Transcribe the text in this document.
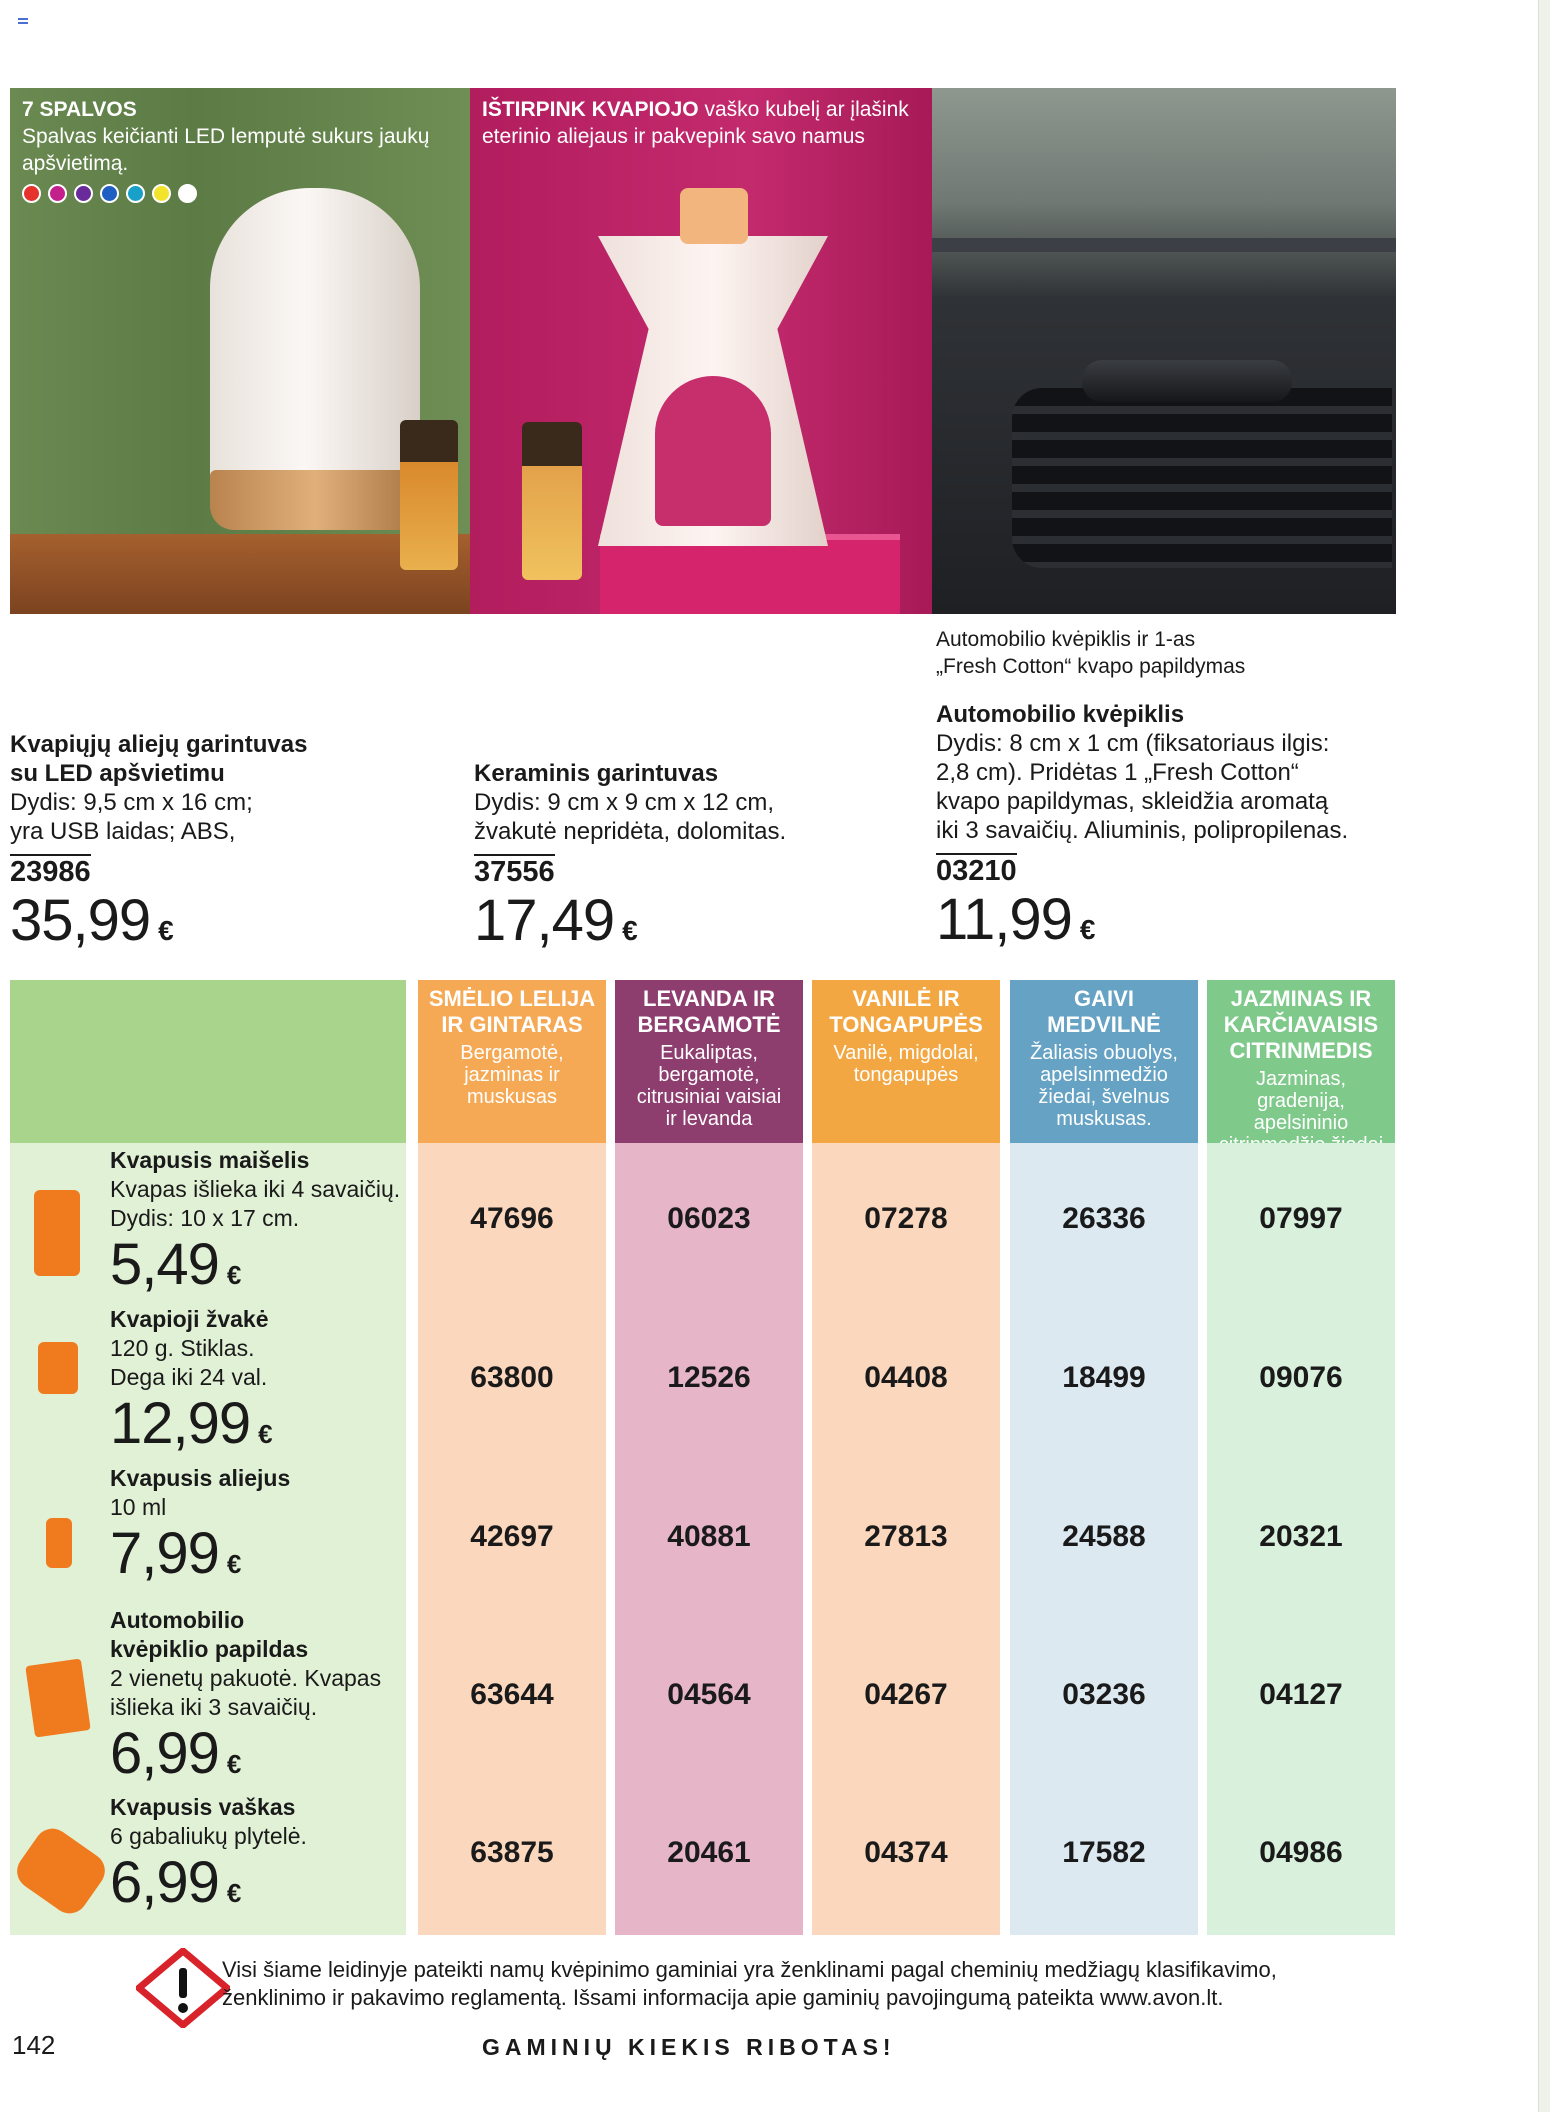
7 SPALVOS
Spalvas keičianti LED lemputė sukurs jaukų apšvietimą.
IŠTIRPINK KVAPIOJO vaško kubelį ar įlašink eterinio aliejaus ir pakvepink savo namus
Kvapiųjų aliejų garintuvas
su LED apšvietimu
Dydis: 9,5 cm x 16 cm;
yra USB laidas; ABS,
23986
35,99 €
Keraminis garintuvas
Dydis: 9 cm x 9 cm x 12 cm,
žvakutė nepridėta, dolomitas.
37556
17,49 €
Automobilio kvėpiklis ir 1-as
„Fresh Cotton“ kvapo papildymas
Automobilio kvėpiklis
Dydis: 8 cm x 1 cm (fiksatoriaus ilgis:
2,8 cm). Pridėtas 1 „Fresh Cotton“
kvapo papildymas, skleidžia aromatą
iki 3 savaičių. Aliuminis, polipropilenas.
03210
11,99 €
SMĖLIO LELIJA
IR GINTARAS

Bergamotė,
jazminas ir
muskusas

47696
63800
42697
63644
63875
LEVANDA IR
BERGAMOTĖ

Eukaliptas,
bergamotė,
citrusiniai vaisiai
ir levanda

06023
12526
40881
04564
20461
VANILĖ IR
TONGAPUPĖS

Vanilė, migdolai,
tongapupės

07278
04408
27813
04267
04374
GAIVI
MEDVILNĖ

Žaliasis obuolys,
apelsinmedžio
žiedai, švelnus
muskusas.

26336
18499
24588
03236
17582
JAZMINAS IR
KARČIAVAISIS
CITRINMEDIS

Jazminas, gradenija,
apelsininio

07997
09076
20321
04127
04986
Kvapusis maišelis
Kvapas išlieka iki 4 savaičių.
Dydis: 10 x 17 cm.
5,49 €
Kvapioji žvakė
120 g. Stiklas.
Dega iki 24 val.
12,99 €
Kvapusis aliejus
10 ml
7,99 €
Automobilio
kvėpiklio papildas
2 vienetų pakuotė. Kvapas
išlieka iki 3 savaičių.
6,99 €
Kvapusis vaškas
6 gabaliukų plytelė.
6,99 €
Visi šiame leidinyje pateikti namų kvėpinimo gaminiai yra ženklinami pagal cheminių medžiagų klasifikavimo,
ženklinimo ir pakavimo reglamentą. Išsami informacija apie gaminių pavojingumą pateikta www.avon.lt.
142	GAMINIŲ KIEKIS RIBOTAS!
